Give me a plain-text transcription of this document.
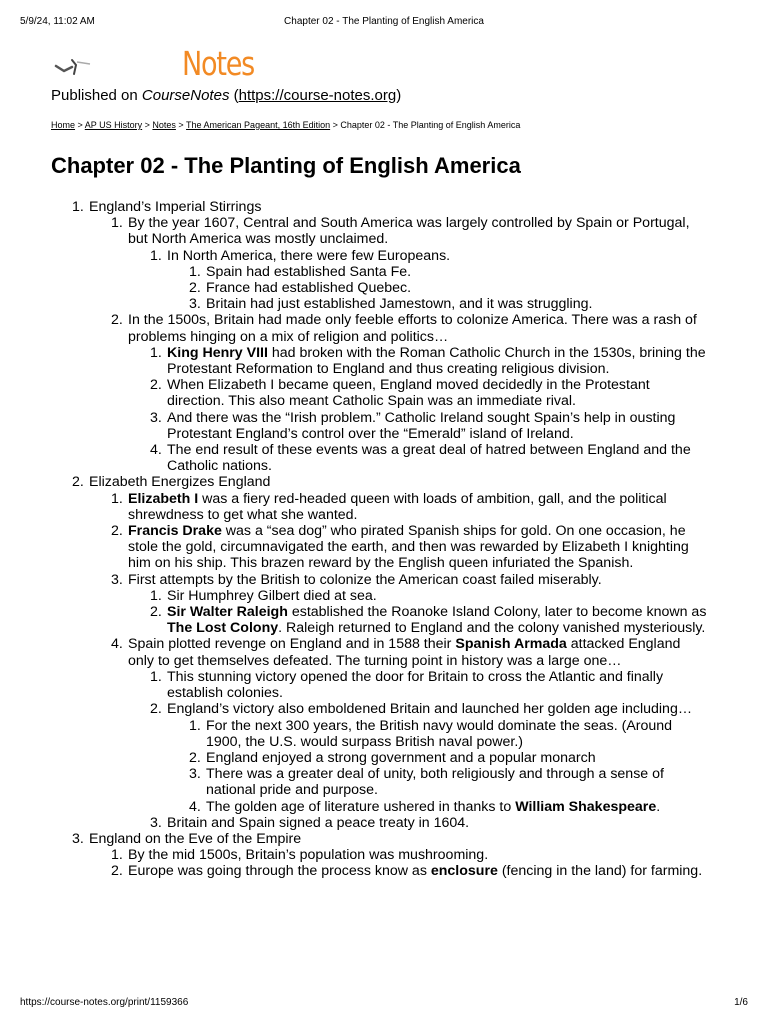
5/9/24, 11:02 AM	Chapter 02 - The Planting of English America
Notes
Published on CourseNotes (https://course-notes.org)
Home > AP US History > Notes > The American Pageant, 16th Edition > Chapter 02 - The Planting of English America
Chapter 02 - The Planting of English America
1. England’s Imperial Stirrings
1. By the year 1607, Central and South America was largely controlled by Spain or Portugal, but North America was mostly unclaimed.
1. In North America, there were few Europeans.
1. Spain had established Santa Fe.
2. France had established Quebec.
3. Britain had just established Jamestown, and it was struggling.
2. In the 1500s, Britain had made only feeble efforts to colonize America. There was a rash of problems hinging on a mix of religion and politics…
1. King Henry VIII had broken with the Roman Catholic Church in the 1530s, brining the Protestant Reformation to England and thus creating religious division.
2. When Elizabeth I became queen, England moved decidedly in the Protestant direction. This also meant Catholic Spain was an immediate rival.
3. And there was the “Irish problem.” Catholic Ireland sought Spain’s help in ousting Protestant England’s control over the “Emerald” island of Ireland.
4. The end result of these events was a great deal of hatred between England and the Catholic nations.
2. Elizabeth Energizes England
1. Elizabeth I was a fiery red-headed queen with loads of ambition, gall, and the political shrewdness to get what she wanted.
2. Francis Drake was a “sea dog” who pirated Spanish ships for gold. On one occasion, he stole the gold, circumnavigated the earth, and then was rewarded by Elizabeth I knighting him on his ship. This brazen reward by the English queen infuriated the Spanish.
3. First attempts by the British to colonize the American coast failed miserably.
1. Sir Humphrey Gilbert died at sea.
2. Sir Walter Raleigh established the Roanoke Island Colony, later to become known as The Lost Colony. Raleigh returned to England and the colony vanished mysteriously.
4. Spain plotted revenge on England and in 1588 their Spanish Armada attacked England only to get themselves defeated. The turning point in history was a large one…
1. This stunning victory opened the door for Britain to cross the Atlantic and finally establish colonies.
2. England’s victory also emboldened Britain and launched her golden age including…
1. For the next 300 years, the British navy would dominate the seas. (Around 1900, the U.S. would surpass British naval power.)
2. England enjoyed a strong government and a popular monarch
3. There was a greater deal of unity, both religiously and through a sense of national pride and purpose.
4. The golden age of literature ushered in thanks to William Shakespeare.
3. Britain and Spain signed a peace treaty in 1604.
3. England on the Eve of the Empire
1. By the mid 1500s, Britain’s population was mushrooming.
2. Europe was going through the process know as enclosure (fencing in the land) for farming.
https://course-notes.org/print/1159366	1/6
